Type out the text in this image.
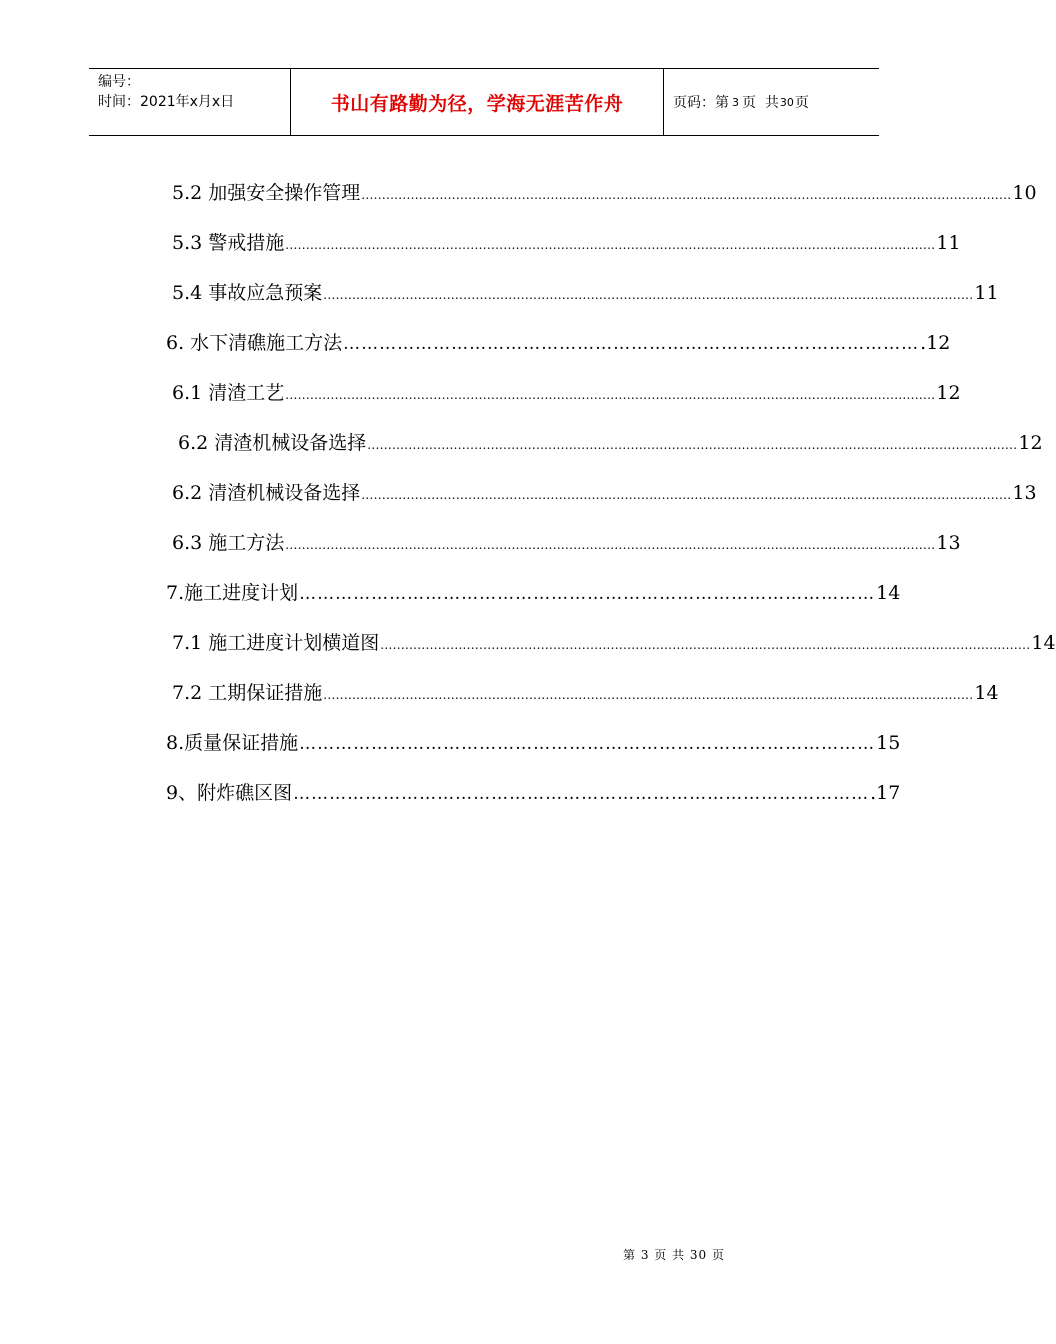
编号：
时间：2021年x月x日	书山有路勤为径，学海无涯苦作舟	页码：第 3 页  共 30 页
5.2 加强安全操作管理 .............................................................................................................................................................. 10
5.3 警戒措施 .............................................................................................................................................................. 11
5.4 事故应急预案 .............................................................................................................................................................. 11
6. 水下清礁施工方法 …………………………………………………………………………………… .12
6.1 清渣工艺 .............................................................................................................................................................. 12
6.2 清渣机械设备选择 .............................................................................................................................................................. 12
6.2 清渣机械设备选择 .............................................................................................................................................................. 13
6.3 施工方法 .............................................................................................................................................................. 13
7.施工进度计划 …………………………………………………………………………………… 14
7.1 施工进度计划横道图 .............................................................................................................................................................. 14
7.2 工期保证措施 .............................................................................................................................................................. 14
8.质量保证措施 …………………………………………………………………………………… 15
9、附炸礁区图 …………………………………………………………………………………… .17
第 3 页 共 30 页
